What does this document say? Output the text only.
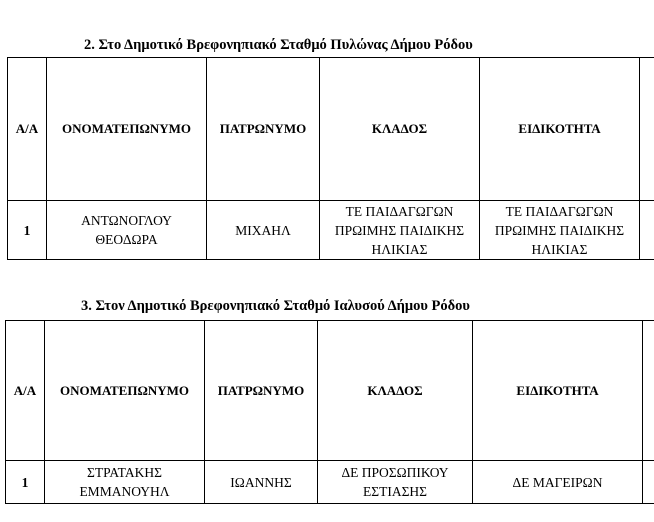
2. Στο Δημοτικό Βρεφονηπιακό Σταθμό Πυλώνας Δήμου Ρόδου
Α/Α	ΟΝΟΜΑΤΕΠΩΝΥΜΟ	ΠΑΤΡΩΝΥΜΟ	ΚΛΑΔΟΣ	ΕΙΔΙΚΟΤΗΤΑ	
1	ΑΝΤΩΝΟΓΛΟΥ ΘΕΟΔΩΡΑ	ΜΙΧΑΗΛ	ΤΕ ΠΑΙΔΑΓΩΓΩΝ ΠΡΩΙΜΗΣ ΠΑΙΔΙΚΗΣ ΗΛΙΚΙΑΣ	ΤΕ ΠΑΙΔΑΓΩΓΩΝ ΠΡΩΙΜΗΣ ΠΑΙΔΙΚΗΣ ΗΛΙΚΙΑΣ	
3. Στον Δημοτικό Βρεφονηπιακό Σταθμό Ιαλυσού Δήμου Ρόδου
Α/Α	ΟΝΟΜΑΤΕΠΩΝΥΜΟ	ΠΑΤΡΩΝΥΜΟ	ΚΛΑΔΟΣ	ΕΙΔΙΚΟΤΗΤΑ	
1	ΣΤΡΑΤΑΚΗΣ ΕΜΜΑΝΟΥΗΛ	ΙΩΑΝΝΗΣ	ΔΕ ΠΡΟΣΩΠΙΚΟΥ ΕΣΤΙΑΣΗΣ	ΔΕ ΜΑΓΕΙΡΩΝ	
